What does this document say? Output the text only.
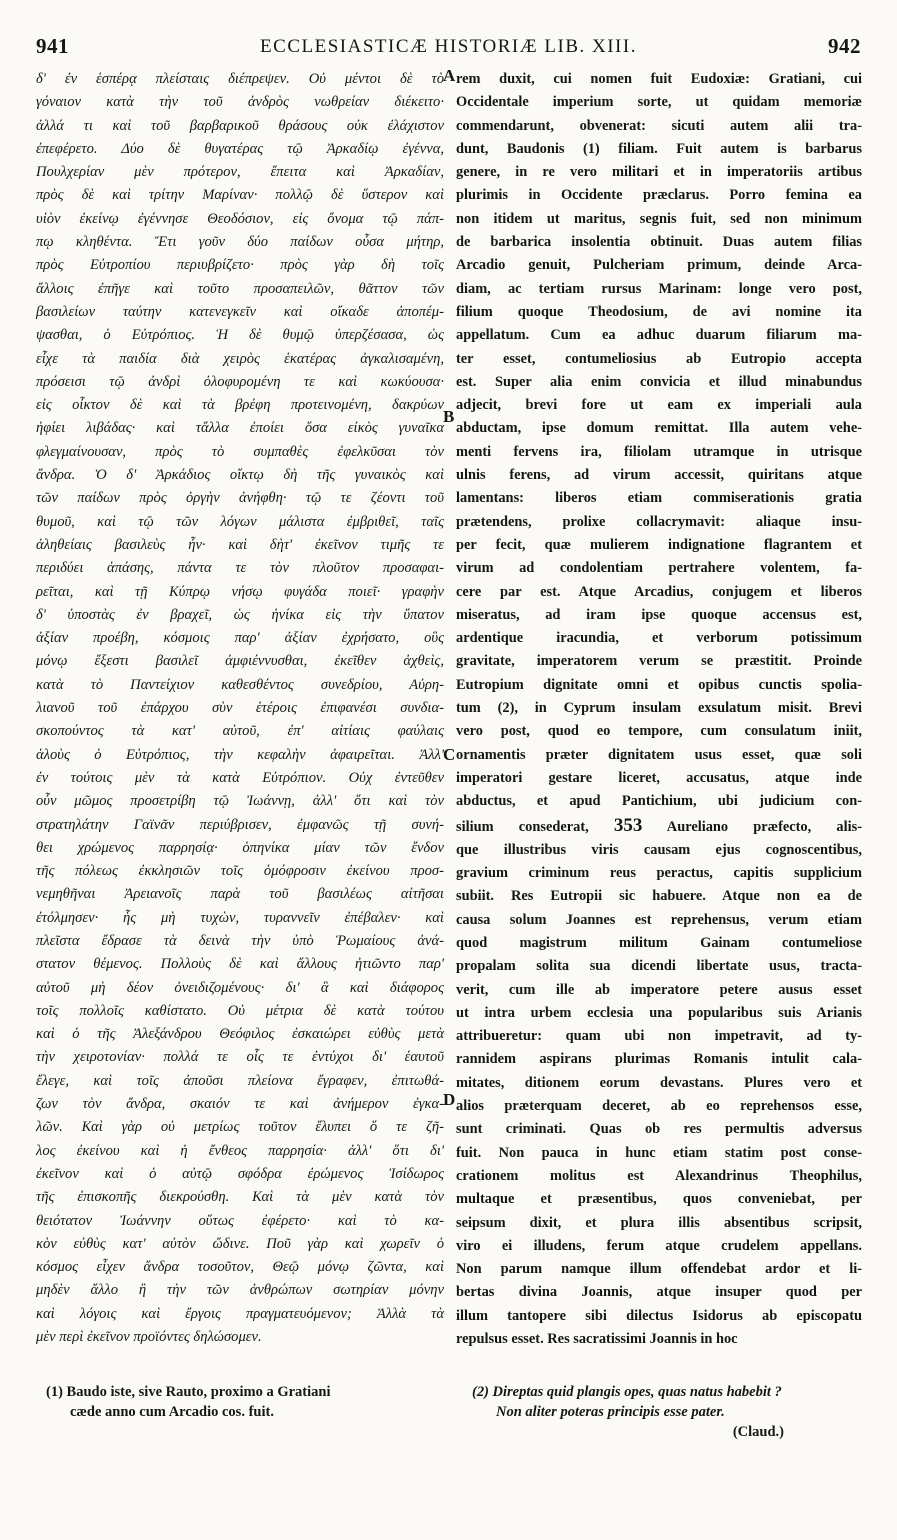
941	ECCLESIASTICÆ HISTORIÆ LIB. XIII.	942
δ' ἐν ἑσπέρᾳ πλείσταις διέπρεψεν. Οὐ μέντοι δὲ τὸ
γόναιον κατὰ τὴν τοῦ ἀνδρὸς νωθρείαν διέκειτο·
ἀλλά τι καὶ τοῦ βαρβαρικοῦ θράσους οὐκ ἐλάχιστον
ἐπεφέρετο. Δύο δὲ θυγατέρας τῷ Ἀρκαδίῳ ἐγέννα,
Πουλχερίαν μὲν πρότερον, ἔπειτα καὶ Ἀρκαδίαν,
πρὸς δὲ καὶ τρίτην Μαρίναν· πολλῷ δὲ ὕστερον καὶ
υἱὸν ἐκείνῳ ἐγέννησε Θεοδόσιον, εἰς ὄνομα τῷ πάπ-
πῳ κληθέντα. Ἔτι γοῦν δύο παίδων οὖσα μήτηρ,
πρὸς Εὐτροπίου περιυβρίζετο· πρὸς γὰρ δὴ τοῖς
ἄλλοις ἐπῆγε καὶ τοῦτο προσαπειλῶν, θᾶττον τῶν
βασιλείων ταύτην κατενεγκεῖν καὶ οἴκαδε ἀποπέμ-
ψασθαι, ὁ Εὐτρόπιος. Ἡ δὲ θυμῷ ὑπερζέσασα, ὡς
εἶχε τὰ παιδία διὰ χειρὸς ἑκατέρας ἀγκαλισαμένη,
πρόσεισι τῷ ἀνδρὶ ὀλοφυρομένη τε καὶ κωκύουσα·
εἰς οἶκτον δὲ καὶ τὰ βρέφη προτεινομένη, δακρύων
ἠφίει λιβάδας· καὶ τἄλλα ἐποίει ὅσα εἰκὸς γυναῖκα
φλεγμαίνουσαν, πρὸς τὸ συμπαθὲς ἐφελκῦσαι τὸν
ἄνδρα. Ὁ δ' Ἀρκάδιος οἴκτῳ δὴ τῆς γυναικὸς καὶ
τῶν παίδων πρὸς ὀργὴν ἀνήφθη· τῷ τε ζέοντι τοῦ
θυμοῦ, καὶ τῷ τῶν λόγων μάλιστα ἐμβριθεῖ, ταῖς
ἀληθείαις βασιλεὺς ἦν· καὶ δὴτ' ἐκεῖνον τιμῆς τε
περιδύει ἁπάσης, πάντα τε τὸν πλοῦτον προσαφαι-
ρεῖται, καὶ τῇ Κύπρῳ νήσῳ φυγάδα ποιεῖ· γραφὴν
δ' ὑποστὰς ἐν βραχεῖ, ὡς ἡνίκα εἰς τὴν ὕπατον
ἀξίαν προέβη, κόσμοις παρ' ἀξίαν ἐχρήσατο, οὓς
μόνῳ ἔξεστι βασιλεῖ ἀμφιέννυσθαι, ἐκεῖθεν ἀχθεὶς,
κατὰ τὸ Παντείχιον καθεσθέντος συνεδρίου, Αὐρη-
λιανοῦ τοῦ ἐπάρχου σὺν ἑτέροις ἐπιφανέσι συνδια-
σκοπούντος τὰ κατ' αὐτοῦ, ἐπ' αἰτίαις φαύλαις
ἁλοὺς ὁ Εὐτρόπιος, τὴν κεφαλὴν ἀφαιρεῖται. Ἀλλ'
ἐν τούτοις μὲν τὰ κατὰ Εὐτρόπιον. Οὐχ ἐντεῦθεν
οὖν μῶμος προσετρίβη τῷ Ἰωάννῃ, ἀλλ' ὅτι καὶ τὸν
στρατηλάτην Γαϊνᾶν περιύβρισεν, ἐμφανῶς τῇ συνή-
θει χρώμενος παρρησίᾳ· ὁπηνίκα μίαν τῶν ἔνδον
τῆς πόλεως ἐκκλησιῶν τοῖς ὁμόφροσιν ἐκείνου προσ-
νεμηθῆναι Ἀρειανοῖς παρὰ τοῦ βασιλέως αἰτῆσαι
ἐτόλμησεν· ἧς μὴ τυχὼν, τυραννεῖν ἐπέβαλεν· καὶ
πλεῖστα ἔδρασε τὰ δεινὰ τὴν ὑπὸ Ῥωμαίους ἀνά-
στατον θέμενος. Πολλοὺς δὲ καὶ ἄλλους ἠτιῶντο παρ'
αὐτοῦ μὴ δέον ὀνειδιζομένους· δι' ἃ καὶ διάφορος
τοῖς πολλοῖς καθίστατο. Οὐ μέτρια δὲ κατὰ τούτου
καὶ ὁ τῆς Ἀλεξάνδρου Θεόφιλος ἐσκαιώρει εὐθὺς μετὰ
τὴν χειροτονίαν· πολλά τε οἷς τε ἐντύχοι δι' ἑαυτοῦ
ἔλεγε, καὶ τοῖς ἀποῦσι πλείονα ἔγραφεν, ἐπιτωθά-
ζων τὸν ἄνδρα, σκαιόν τε καὶ ἀνήμερον ἐγκα-
λῶν. Καὶ γὰρ οὐ μετρίως τοῦτον ἔλυπει ὅ τε ζῆ-
λος ἐκείνου καὶ ἡ ἔνθεος παρρησία· ἀλλ' ὅτι δι'
ἐκεῖνον καὶ ὁ αὐτῷ σφόδρα ἐρώμενος Ἰσίδωρος
τῆς ἐπισκοπῆς διεκρούσθη. Καὶ τὰ μὲν κατὰ τὸν
θειότατον Ἰωάννην οὕτως ἐφέρετο· καὶ τὸ κα-
κὸν εὐθὺς κατ' αὐτὸν ὤδινε. Ποῦ γὰρ καὶ χωρεῖν ὁ
κόσμος εἶχεν ἄνδρα τοσοῦτον, Θεῷ μόνῳ ζῶντα, καὶ
μηδὲν ἄλλο ἢ τὴν τῶν ἀνθρώπων σωτηρίαν μόνην
καὶ λόγοις καὶ ἔργοις πραγματευόμενον; Ἀλλὰ τὰ
μὲν περὶ ἐκεῖνον προϊόντες δηλώσομεν.
rem duxit, cui nomen fuit Eudoxiæ: Gratiani, cui
Occidentale imperium sorte, ut quidam memoriæ
commendarunt, obvenerat: sicuti autem alii tra-
dunt, Baudonis (1) filiam. Fuit autem is barbarus
genere, in re vero militari et in imperatoriis artibus
plurimis in Occidente præclarus. Porro femina ea
non itidem ut maritus, segnis fuit, sed non minimum
de barbarica insolentia obtinuit. Duas autem filias
Arcadio genuit, Pulcheriam primum, deinde Arca-
diam, ac tertiam rursus Marinam: longe vero post,
filium quoque Theodosium, de avi nomine ita
appellatum. Cum ea adhuc duarum filiarum ma-
ter esset, contumeliosius ab Eutropio accepta
est. Super alia enim convicia et illud minabundus
adjecit, brevi fore ut eam ex imperiali aula
abductam, ipse domum remittat. Illa autem vehe-
menti fervens ira, filiolam utramque in utrisque
ulnis ferens, ad virum accessit, quiritans atque
lamentans: liberos etiam commiserationis gratia
prætendens, prolixe collacrymavit: aliaque insu-
per fecit, quæ mulierem indignatione flagrantem et
virum ad condolentiam pertrahere volentem, fa-
cere par est. Atque Arcadius, conjugem et liberos
miseratus, ad iram ipse quoque accensus est,
ardentique iracundia, et verborum potissimum
gravitate, imperatorem verum se præstitit. Proinde
Eutropium dignitate omni et opibus cunctis spolia-
tum (2), in Cyprum insulam exsulatum misit. Brevi
vero post, quod eo tempore, cum consulatum iniit,
ornamentis præter dignitatem usus esset, quæ soli
imperatori gestare liceret, accusatus, atque inde
abductus, et apud Pantichium, ubi judicium con-
silium consederat, 353 Aureliano præfecto, alis-
que illustribus viris causam ejus cognoscentibus,
gravium criminum reus peractus, capitis supplicium
subiit. Res Eutropii sic habuere. Atque non ea de
causa solum Joannes est reprehensus, verum etiam
quod magistrum militum Gainam contumeliose
propalam solita sua dicendi libertate usus, tracta-
verit, cum ille ab imperatore petere ausus esset
ut intra urbem ecclesia una popularibus suis Arianis
attribueretur: quam ubi non impetravit, ad ty-
rannidem aspirans plurimas Romanis intulit cala-
mitates, ditionem eorum devastans. Plures vero et
alios præterquam deceret, ab eo reprehensos esse,
sunt criminati. Quas ob res permultis adversus
fuit. Non pauca in hunc etiam statim post conse-
crationem molitus est Alexandrinus Theophilus,
multaque et præsentibus, quos conveniebat, per
seipsum dixit, et plura illis absentibus scripsit,
viro ei illudens, ferum atque crudelem appellans.
Non parum namque illum offendebat ardor et li-
bertas divina Joannis, atque insuper quod per
illum tantopere sibi dilectus Isidorus ab episcopatu
repulsus esset. Res sacratissimi Joannis in hoc
A
B
C
D
(1) Baudo iste, sive Rauto, proximo a Gratiani
cæde anno cum Arcadio cos. fuit.
(2) Direptas quid plangis opes, quas natus habebit ?
Non aliter poteras principis esse pater.
(Claud.)
